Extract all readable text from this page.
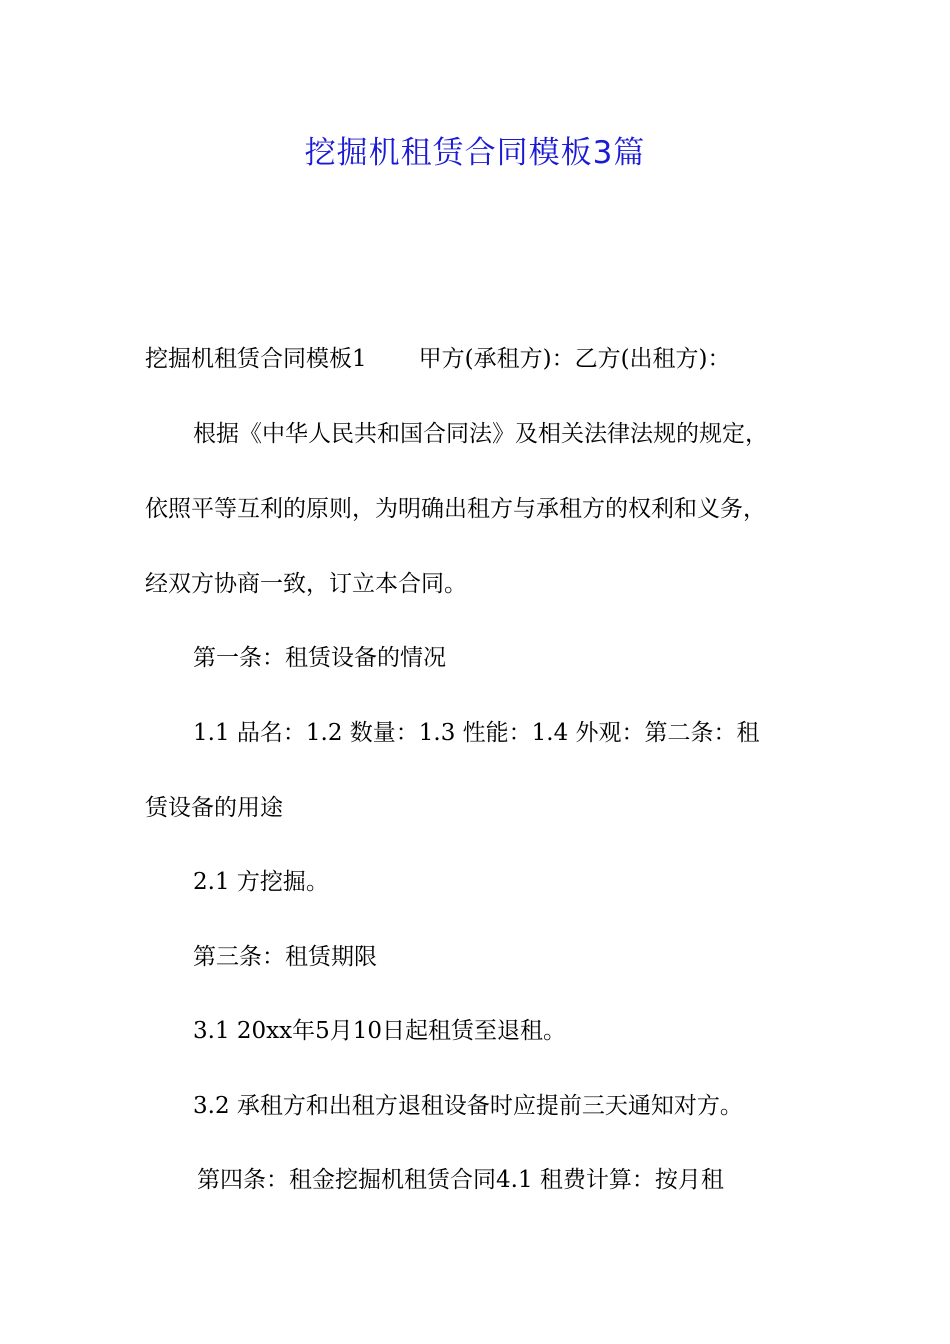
挖掘机租赁合同模板3篇

挖掘机租赁合同模板1 甲方(承租方)：乙方(出租方)：

根据《中华人民共和国合同法》及相关法律法规的规定，

依照平等互利的原则，为明确出租方与承租方的权利和义务，

经双方协商一致，订立本合同。

第一条：租赁设备的情况

1.1 品名：1.2 数量：1.3 性能：1.4 外观：第二条：租

赁设备的用途

2.1 方挖掘。

第三条：租赁期限

3.1 20xx年5月10日起租赁至退租。

3.2 承租方和出租方退租设备时应提前三天通知对方。

第四条：租金挖掘机租赁合同4.1 租费计算：按月租
